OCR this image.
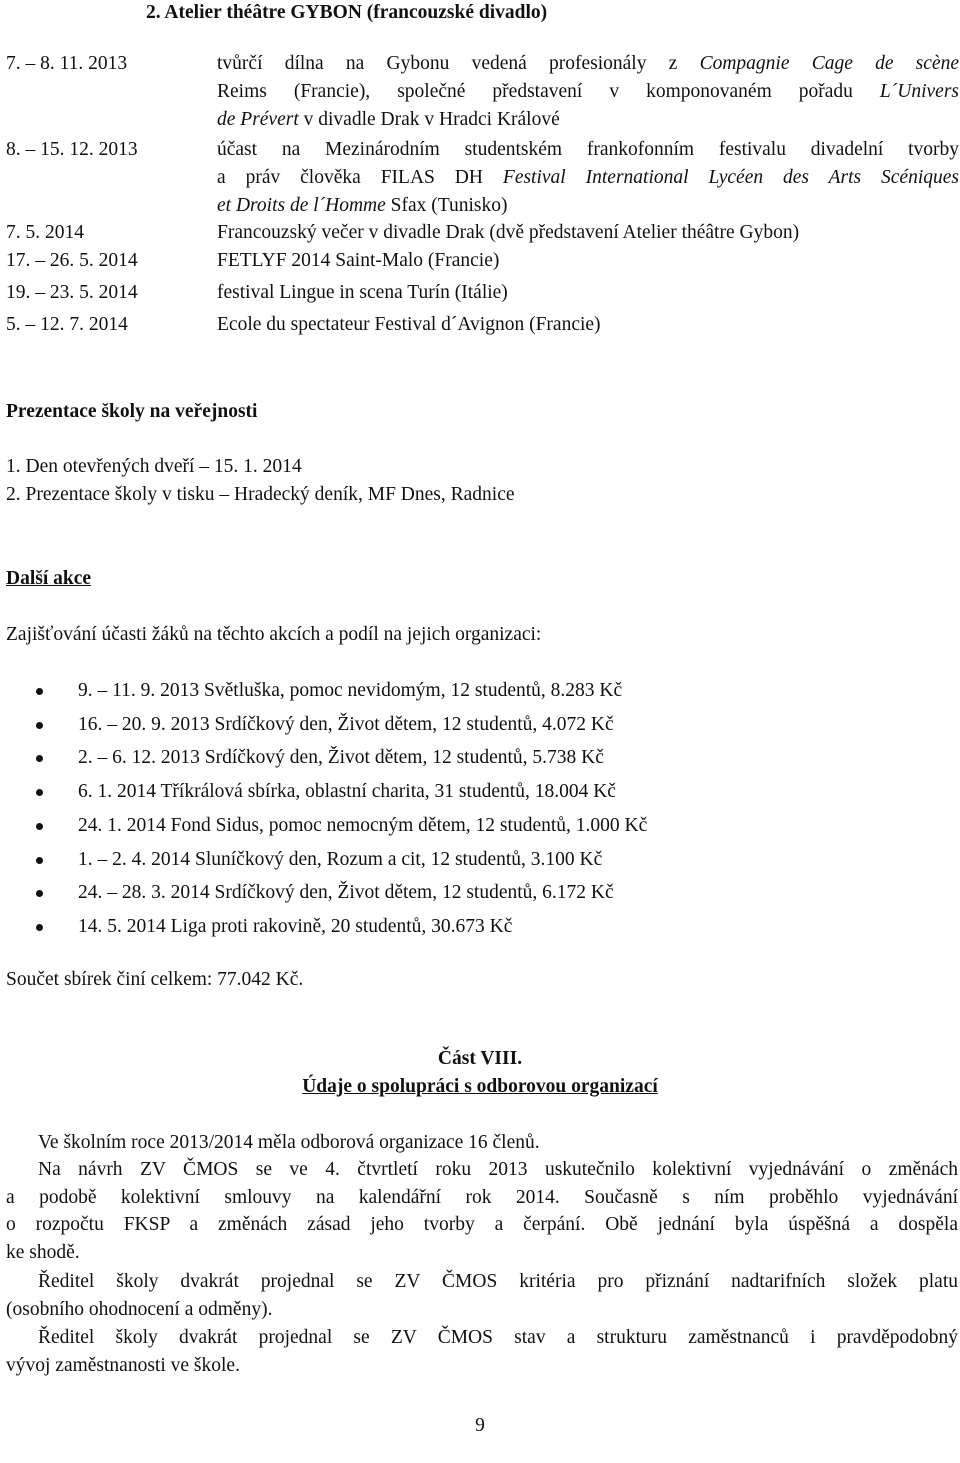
2. Atelier théâtre GYBON (francouzské divadlo)
7. – 8. 11. 2013	tvůrčí dílna na Gybonu vedená profesionály z Compagnie Cage de scène
Reims (Francie), společné představení v komponovaném pořadu L´Univers
de Prévert v divadle Drak v Hradci Králové
8. – 15. 12. 2013	účast na Mezinárodním studentském frankofonním festivalu divadelní tvorby
a práv člověka FILAS DH Festival International Lycéen des Arts Scéniques
et Droits de l´Homme Sfax (Tunisko)
7. 5. 2014	Francouzský večer v divadle Drak (dvě představení Atelier théâtre Gybon)
17. – 26. 5. 2014	FETLYF 2014 Saint-Malo (Francie)
19. – 23. 5. 2014	festival Lingue in scena Turín (Itálie)
5. – 12. 7. 2014	Ecole du spectateur Festival d´Avignon (Francie)
Prezentace školy na veřejnosti
1. Den otevřených dveří – 15. 1. 2014
2. Prezentace školy v tisku – Hradecký deník, MF Dnes, Radnice
Další akce
Zajišťování účasti žáků na těchto akcích a podíl na jejich organizaci:
9. – 11. 9. 2013 Světluška, pomoc nevidomým, 12 studentů, 8.283 Kč
16. – 20. 9. 2013 Srdíčkový den, Život dětem, 12 studentů, 4.072 Kč
2. – 6. 12. 2013 Srdíčkový den, Život dětem, 12 studentů, 5.738 Kč
6. 1. 2014 Tříkrálová sbírka, oblastní charita, 31 studentů, 18.004 Kč
24. 1. 2014 Fond Sidus, pomoc nemocným dětem, 12 studentů, 1.000 Kč
1. – 2. 4. 2014 Sluníčkový den, Rozum a cit, 12 studentů, 3.100 Kč
24. – 28. 3. 2014 Srdíčkový den, Život dětem, 12 studentů, 6.172 Kč
14. 5. 2014 Liga proti rakovině, 20 studentů, 30.673 Kč
Součet sbírek činí celkem: 77.042 Kč.
Část VIII.
Údaje o spolupráci s odborovou organizací
Ve školním roce 2013/2014 měla odborová organizace 16 členů.
Na návrh ZV ČMOS se ve 4. čtvrtletí roku 2013 uskutečnilo kolektivní vyjednávání o změnách
a podobě kolektivní smlouvy na kalendářní rok 2014. Současně s ním proběhlo vyjednávání
o rozpočtu FKSP a změnách zásad jeho tvorby a čerpání. Obě jednání byla úspěšná a dospěla
ke shodě.
Ředitel školy dvakrát projednal se ZV ČMOS kritéria pro přiznání nadtarifních složek platu
(osobního ohodnocení a odměny).
Ředitel školy dvakrát projednal se ZV ČMOS stav a strukturu zaměstnanců i pravděpodobný
vývoj zaměstnanosti ve škole.
9
